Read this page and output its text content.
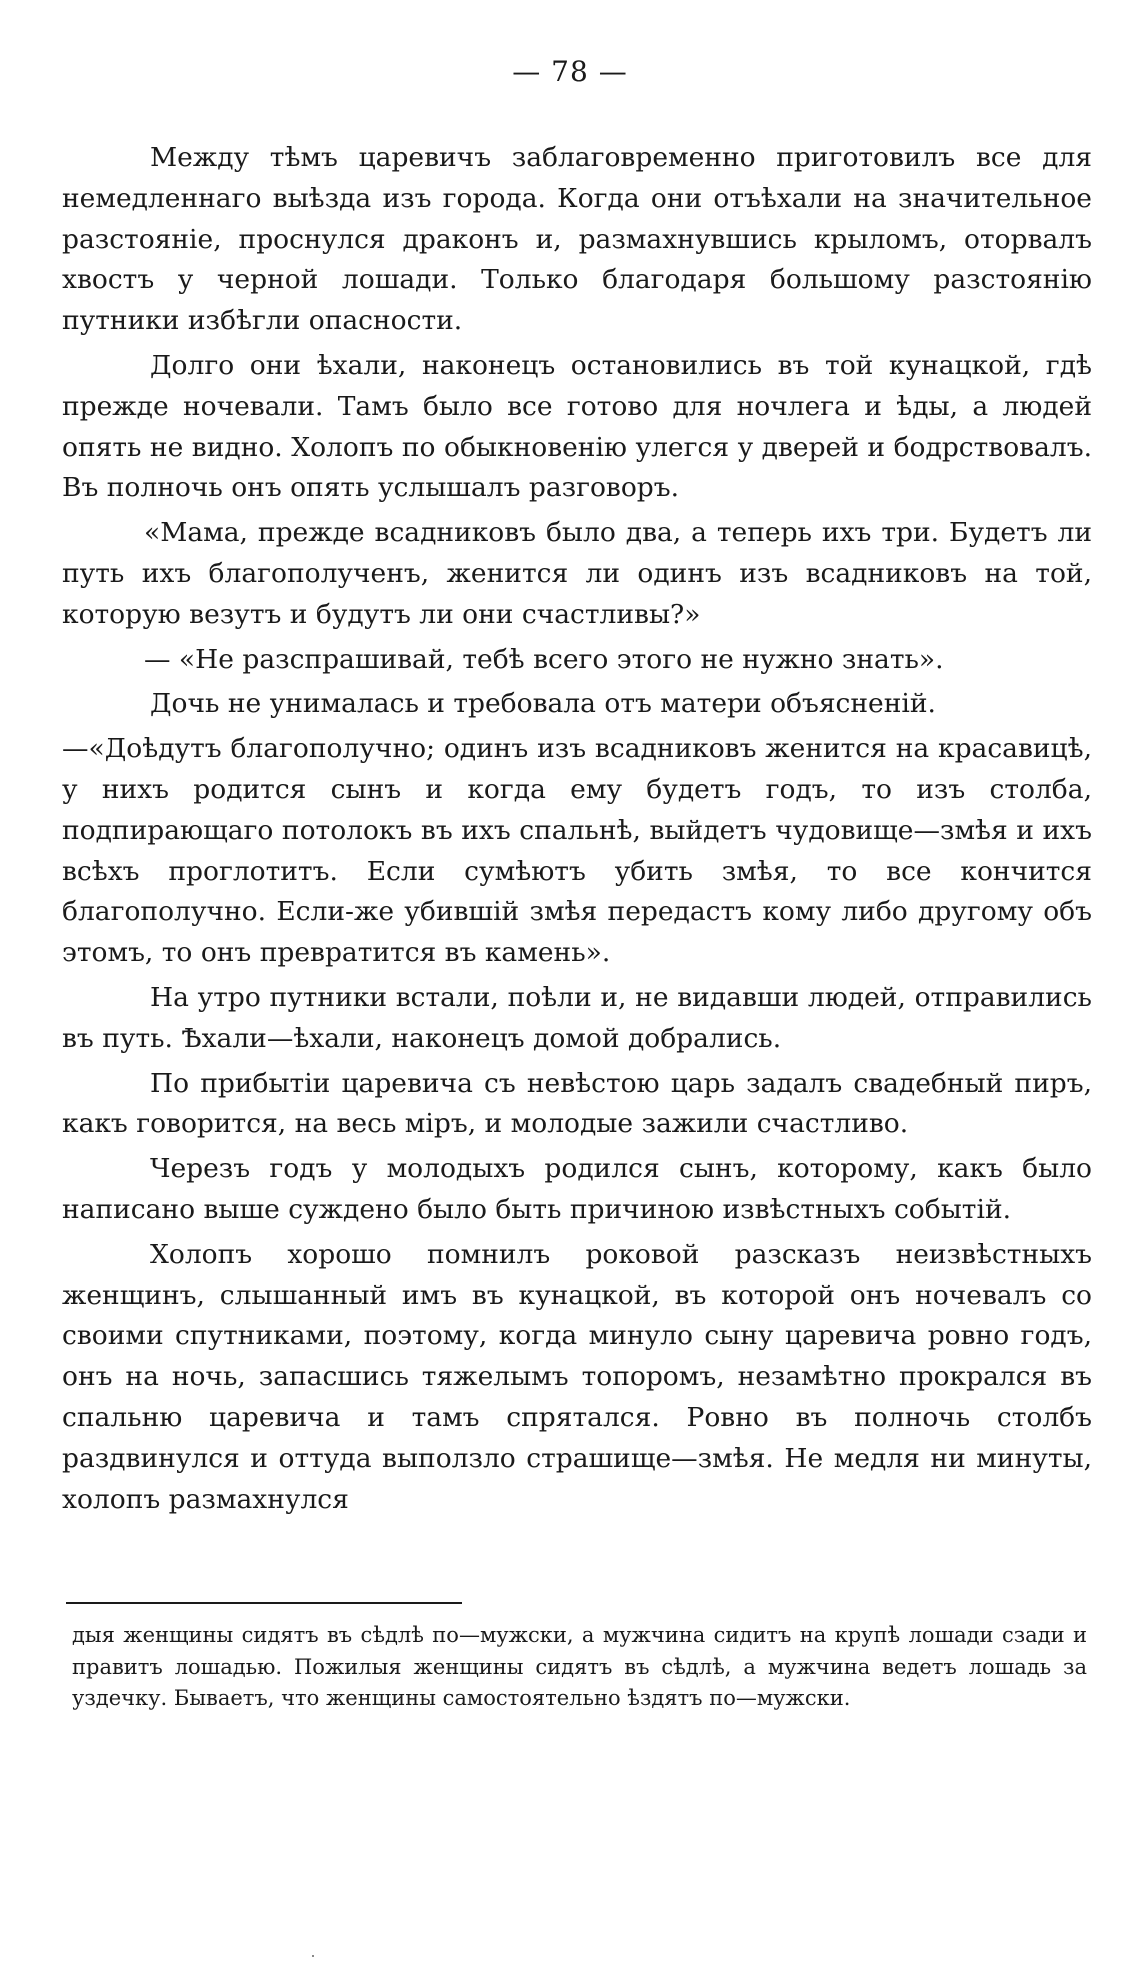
— 78 —

Между тѣмъ царевичъ заблаговременно приготовилъ все для немедленнаго выѣзда изъ города. Когда они отъѣхали на значительное разстояніе, проснулся драконъ и, размахнувшись крыломъ, оторвалъ хвостъ у черной лошади. Только благодаря большому разстоянію путники избѣгли опасности.

Долго они ѣхали, наконецъ остановились въ той кунацкой, гдѣ прежде ночевали. Тамъ было все готово для ночлега и ѣды, а людей опять не видно. Холопъ по обыкновенію улегся у дверей и бодрствовалъ. Въ полночь онъ опять услышалъ разговоръ.

«Мама, прежде всадниковъ было два, а теперь ихъ три. Будетъ ли путь ихъ благополученъ, женится ли одинъ изъ всадниковъ на той, которую везутъ и будутъ ли они счастливы?»

— «Не разспрашивай, тебѣ всего этого не нужно знать».

Дочь не унималась и требовала отъ матери объясненій.

—«Доѣдутъ благополучно; одинъ изъ всадниковъ женится на красавицѣ, у нихъ родится сынъ и когда ему будетъ годъ, то изъ столба, подпирающаго потолокъ въ ихъ спальнѣ, выйдетъ чудовище—змѣя и ихъ всѣхъ проглотитъ. Если сумѣютъ убить змѣя, то все кончится благополучно. Если-же убившій змѣя передастъ кому либо другому объ этомъ, то онъ превратится въ камень».

На утро путники встали, поѣли и, не видавши людей, отправились въ путь. Ѣхали—ѣхали, наконецъ домой добрались.

По прибытіи царевича съ невѣстою царь задалъ свадебный пиръ, какъ говорится, на весь міръ, и молодые зажили счастливо.

Черезъ годъ у молодыхъ родился сынъ, которому, какъ было написано выше суждено было быть причиною извѣстныхъ событій.

Холопъ хорошо помнилъ роковой разсказъ неизвѣстныхъ женщинъ, слышанный имъ въ кунацкой, въ которой онъ ночевалъ со своими спутниками, поэтому, когда минуло сыну царевича ровно годъ, онъ на ночь, запасшись тяжелымъ топоромъ, незамѣтно прокрался въ спальню царевича и тамъ спрятался. Ровно въ полночь столбъ раздвинулся и оттуда выползло страшище—змѣя. Не медля ни минуты, холопъ размахнулся

дыя женщины сидятъ въ сѣдлѣ по—мужски, а мужчина сидитъ на крупѣ лошади сзади и правитъ лошадью. Пожилыя женщины сидятъ въ сѣдлѣ, а мужчина ведетъ лошадь за уздечку. Бываетъ, что женщины самостоятельно ѣздятъ по—мужски.
